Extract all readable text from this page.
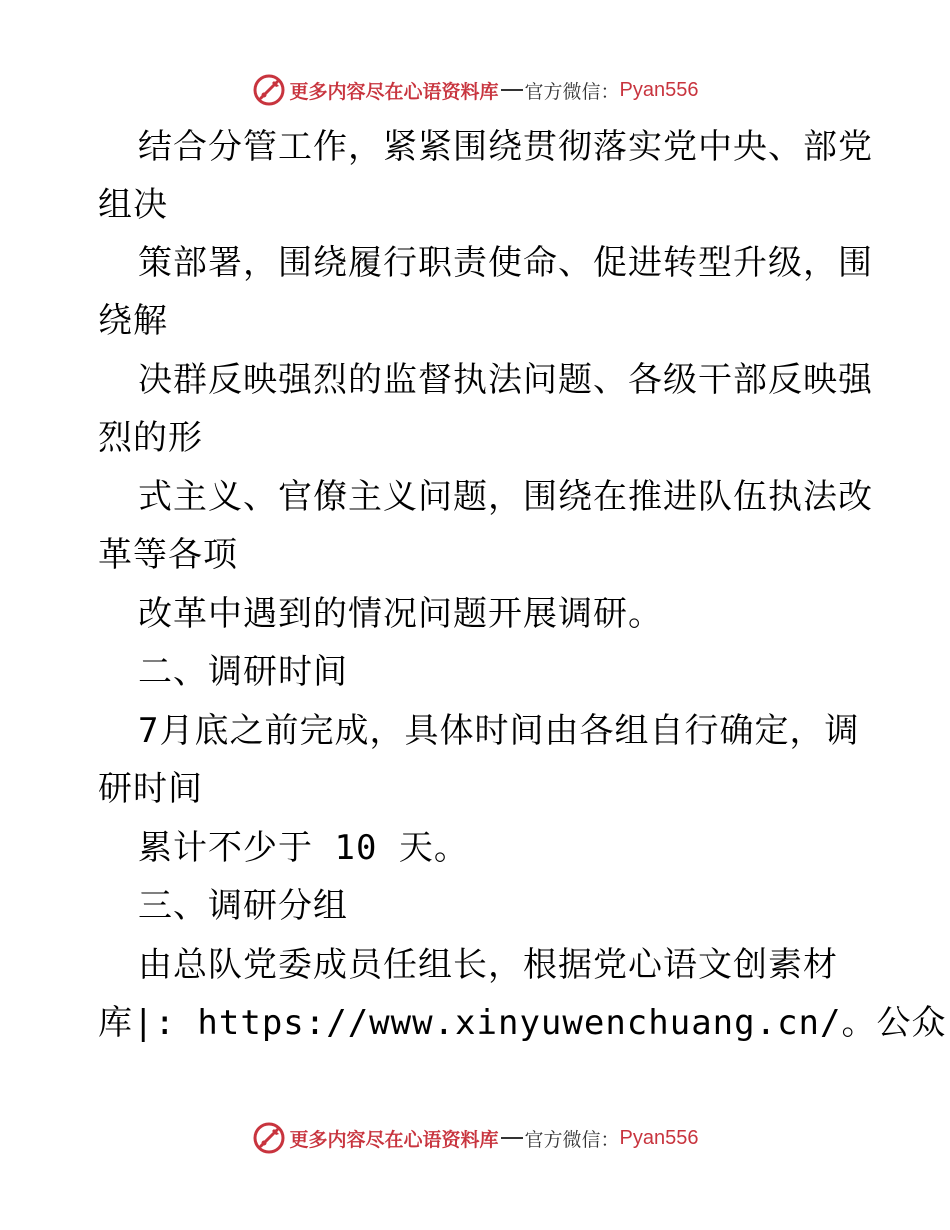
更多内容尽在心语资料库 官方微信： Pyan556
结合分管工作，紧紧围绕贯彻落实党中央、部党
组决
策部署，围绕履行职责使命、促进转型升级，围
绕解
决群反映强烈的监督执法问题、各级干部反映强
烈的形
式主义、官僚主义问题，围绕在推进队伍执法改
革等各项
改革中遇到的情况问题开展调研。
二、调研时间
7月底之前完成，具体时间由各组自行确定，调
研时间
累计不少于 10 天。
三、调研分组
由总队党委成员任组长，根据党心语文创素材
库|: https://www.xinyuwenchuang.cn/。公众
更多内容尽在心语资料库 官方微信： Pyan556
